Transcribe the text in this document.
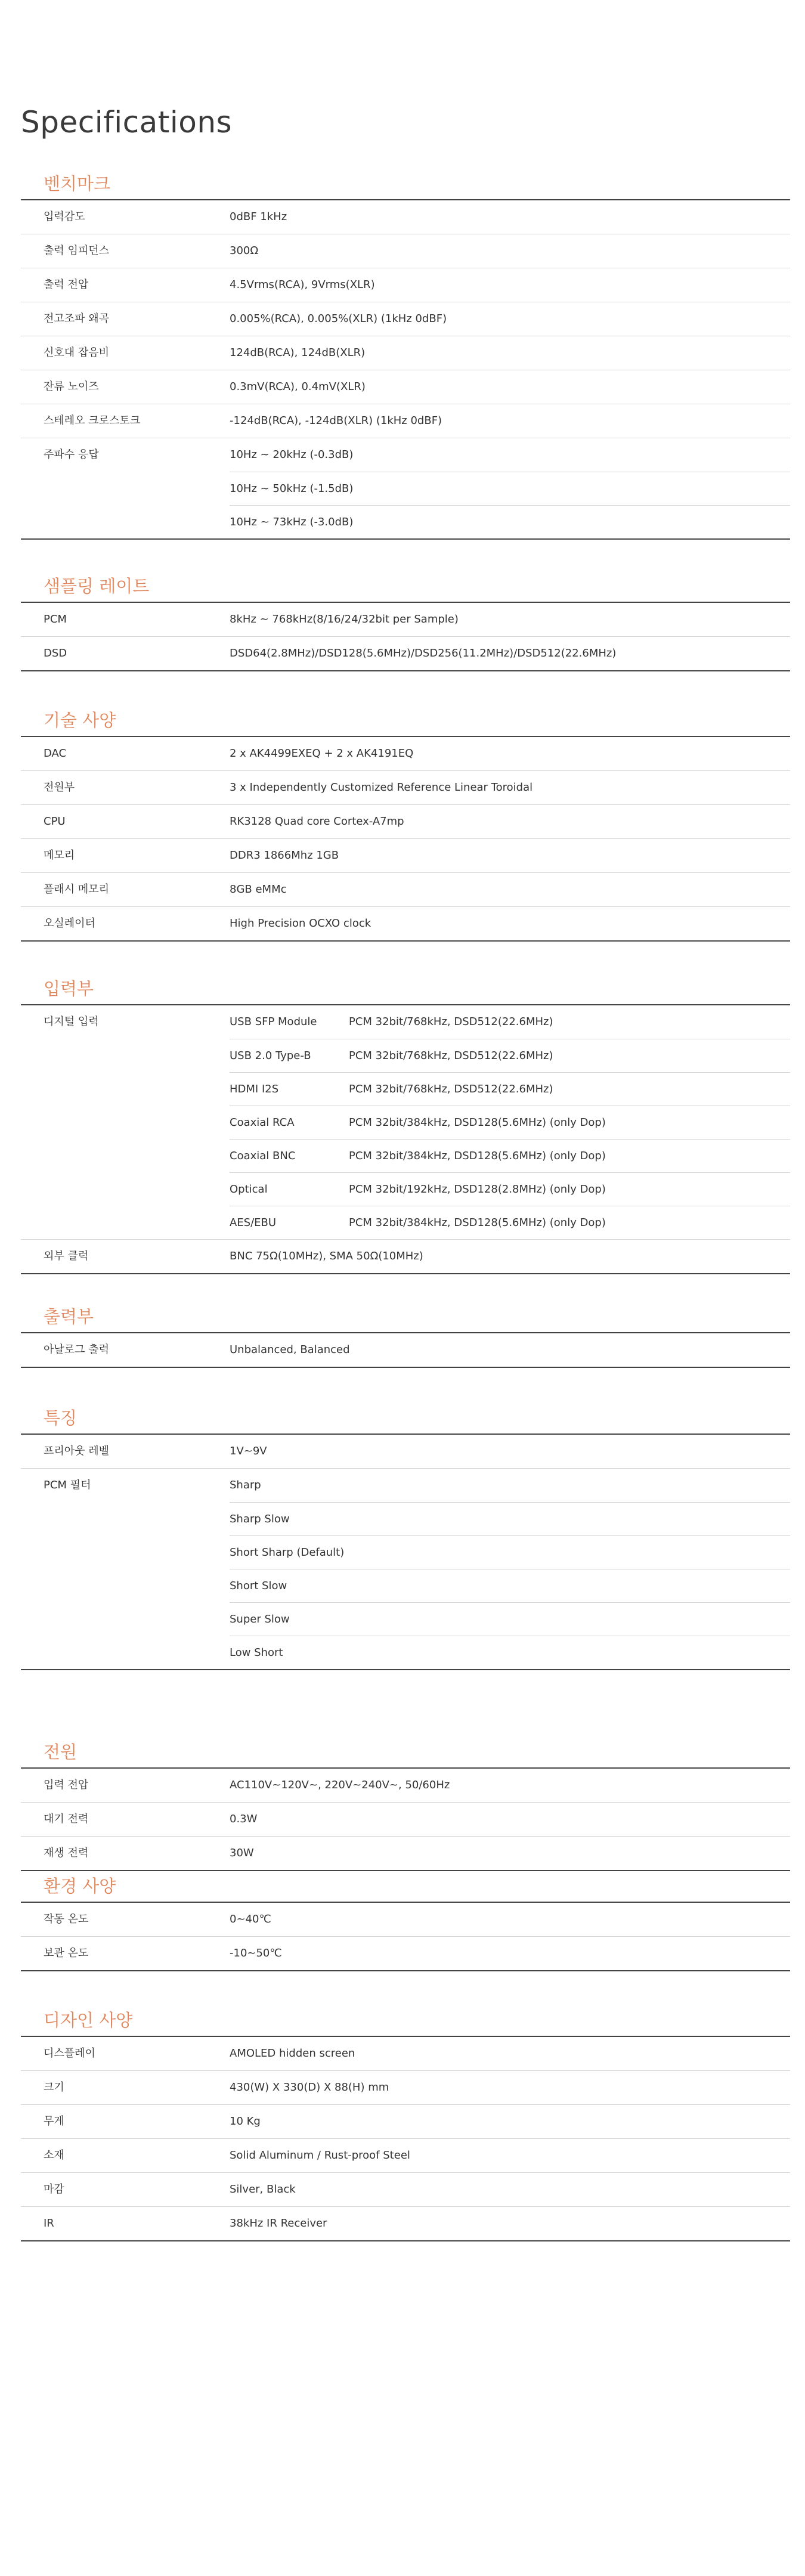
Specifications
벤치마크
입력감도	0dBF 1kHz
출력 임피던스	300Ω
출력 전압	4.5Vrms(RCA), 9Vrms(XLR)
전고조파 왜곡	0.005%(RCA), 0.005%(XLR) (1kHz 0dBF)
신호대 잡음비	124dB(RCA), 124dB(XLR)
잔류 노이즈	0.3mV(RCA), 0.4mV(XLR)
스테레오 크로스토크	-124dB(RCA), -124dB(XLR) (1kHz 0dBF)
주파수 응답	10Hz ~ 20kHz (-0.3dB)
10Hz ~ 50kHz (-1.5dB)
10Hz ~ 73kHz (-3.0dB)
샘플링 레이트
PCM	8kHz ~ 768kHz(8/16/24/32bit per Sample)
DSD	DSD64(2.8MHz)/DSD128(5.6MHz)/DSD256(11.2MHz)/DSD512(22.6MHz)
기술 사양
DAC	2 x AK4499EXEQ + 2 x AK4191EQ
전원부	3 x Independently Customized Reference Linear Toroidal
CPU	RK3128 Quad core Cortex-A7mp
메모리	DDR3 1866Mhz 1GB
플래시 메모리	8GB eMMc
오실레이터	High Precision OCXO clock
입력부
디지털 입력	USB SFP Module	PCM 32bit/768kHz, DSD512(22.6MHz)
USB 2.0 Type-B	PCM 32bit/768kHz, DSD512(22.6MHz)
HDMI I2S	PCM 32bit/768kHz, DSD512(22.6MHz)
Coaxial RCA	PCM 32bit/384kHz, DSD128(5.6MHz) (only Dop)
Coaxial BNC	PCM 32bit/384kHz, DSD128(5.6MHz) (only Dop)
Optical	PCM 32bit/192kHz, DSD128(2.8MHz) (only Dop)
AES/EBU	PCM 32bit/384kHz, DSD128(5.6MHz) (only Dop)
외부 클럭	BNC 75Ω(10MHz), SMA 50Ω(10MHz)
출력부
아날로그 출력	Unbalanced, Balanced
특징
프리아웃 레벨	1V~9V
PCM 필터	Sharp
Sharp Slow
Short Sharp (Default)
Short Slow
Super Slow
Low Short
전원
입력 전압	AC110V~120V~, 220V~240V~, 50/60Hz
대기 전력	0.3W
재생 전력	30W
환경 사양
작동 온도	0~40℃
보관 온도	-10~50℃
디자인 사양
디스플레이	AMOLED hidden screen
크기	430(W) X 330(D) X 88(H) mm
무게	10 Kg
소재	Solid Aluminum / Rust-proof Steel
마감	Silver, Black
IR	38kHz IR Receiver
